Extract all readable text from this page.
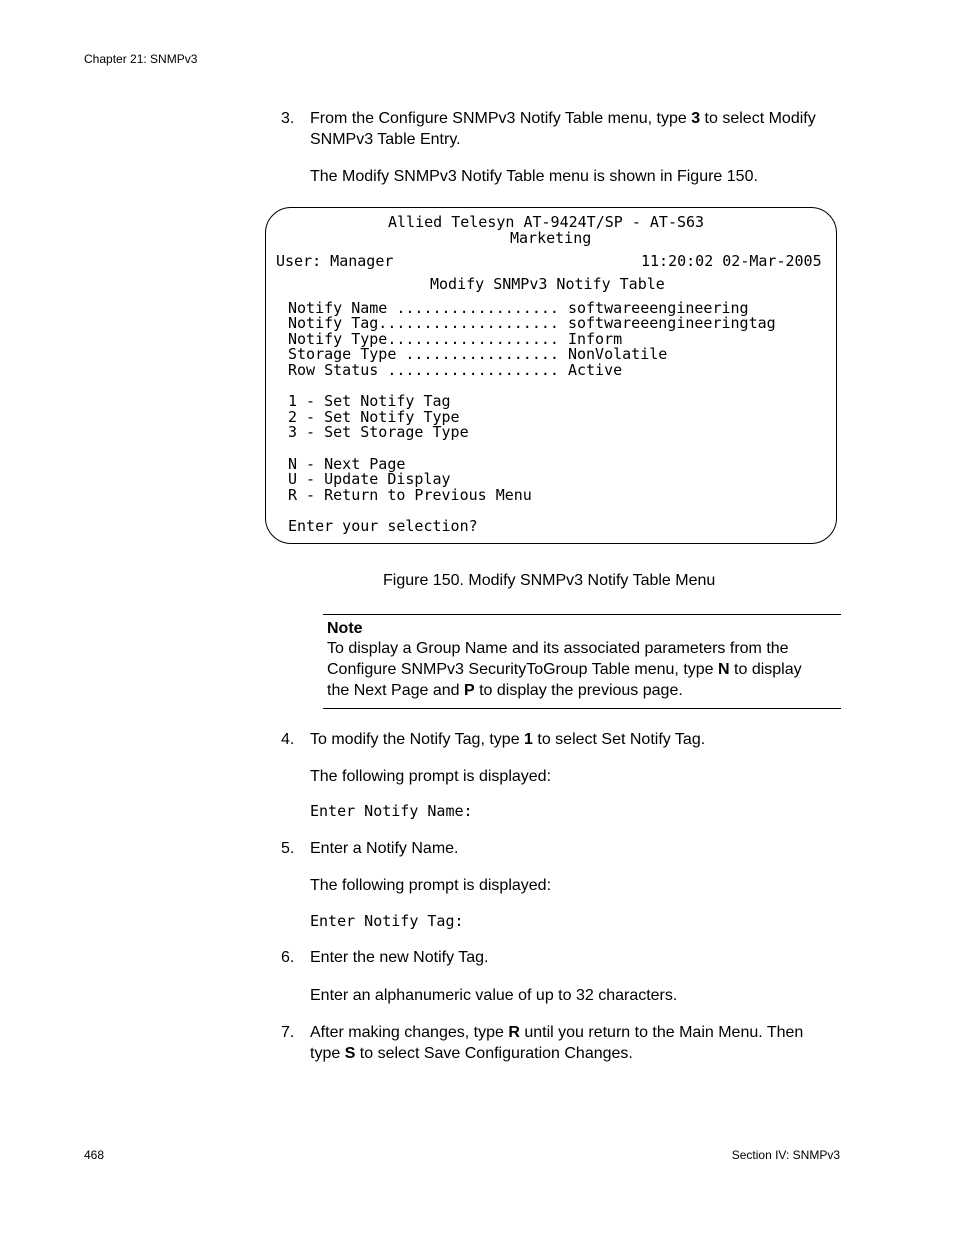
Chapter 21: SNMPv3
3. From the Configure SNMPv3 Notify Table menu, type 3 to select Modify
SNMPv3 Table Entry.
The Modify SNMPv3 Notify Table menu is shown in Figure 150.
Allied Telesyn AT-9424T/SP - AT-S63
Marketing
User: Manager	11:20:02 02-Mar-2005
Modify SNMPv3 Notify Table
Notify Name .................. softwareeengineering
Notify Tag.................... softwareeengineeringtag
Notify Type................... Inform
Storage Type ................. NonVolatile
Row Status ................... Active
1 - Set Notify Tag
2 - Set Notify Type
3 - Set Storage Type
N - Next Page
U - Update Display
R - Return to Previous Menu
Enter your selection?
Figure 150. Modify SNMPv3 Notify Table Menu
Note
To display a Group Name and its associated parameters from the
Configure SNMPv3 SecurityToGroup Table menu, type N to display
the Next Page and P to display the previous page.
4. To modify the Notify Tag, type 1 to select Set Notify Tag.
The following prompt is displayed:
Enter Notify Name:
5. Enter a Notify Name.
The following prompt is displayed:
Enter Notify Tag:
6. Enter the new Notify Tag.
Enter an alphanumeric value of up to 32 characters.
7. After making changes, type R until you return to the Main Menu. Then
type S to select Save Configuration Changes.
468	Section IV: SNMPv3
